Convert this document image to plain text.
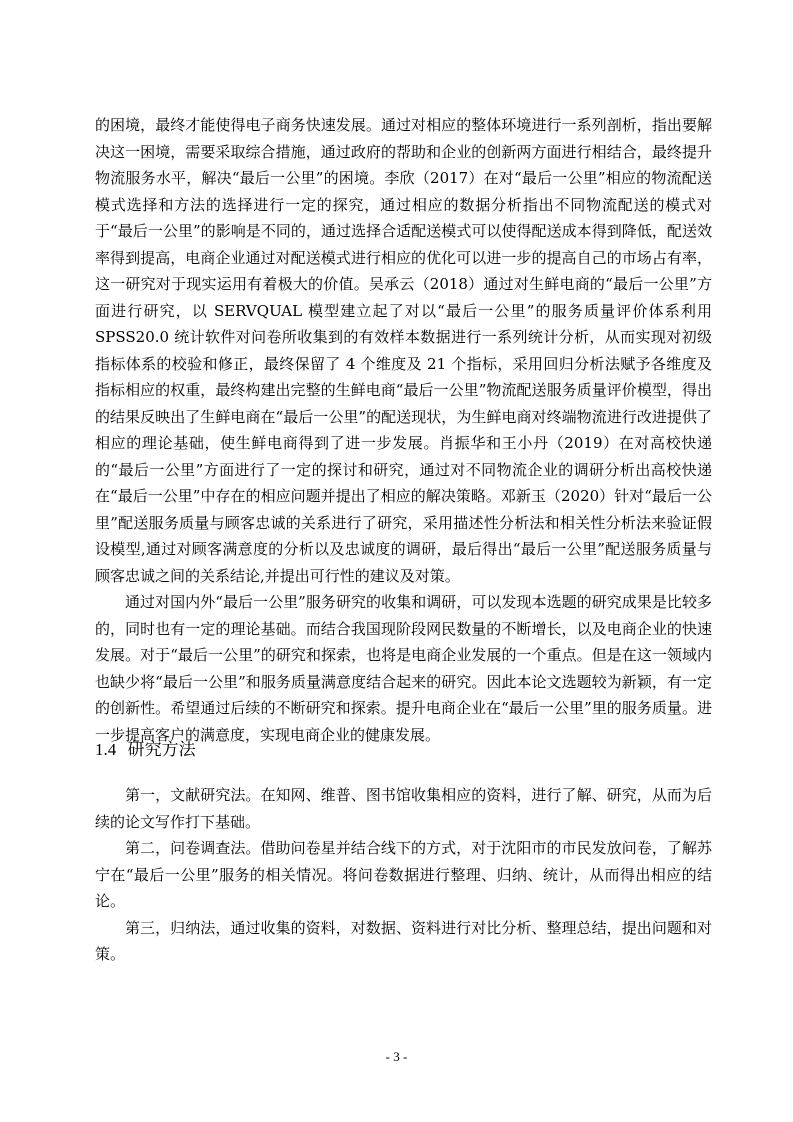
的困境，最终才能使得电子商务快速发展。通过对相应的整体环境进行一系列剖析，指出要解决这一困境，需要采取综合措施，通过政府的帮助和企业的创新两方面进行相结合，最终提升物流服务水平，解决“最后一公里”的困境。李欣（2017）在对“最后一公里”相应的物流配送模式选择和方法的选择进行一定的探究，通过相应的数据分析指出不同物流配送的模式对于“最后一公里”的影响是不同的，通过选择合适配送模式可以使得配送成本得到降低，配送效率得到提高，电商企业通过对配送模式进行相应的优化可以进一步的提高自己的市场占有率，这一研究对于现实运用有着极大的价值。吴承云（2018）通过对生鲜电商的“最后一公里”方面进行研究，以 SERVQUAL 模型建立起了对以“最后一公里”的服务质量评价体系利用 SPSS20.0 统计软件对问卷所收集到的有效样本数据进行一系列统计分析，从而实现对初级指标体系的校验和修正，最终保留了 4 个维度及 21 个指标，采用回归分析法赋予各维度及指标相应的权重，最终构建出完整的生鲜电商“最后一公里”物流配送服务质量评价模型，得出的结果反映出了生鲜电商在“最后一公里”的配送现状，为生鲜电商对终端物流进行改进提供了相应的理论基础，使生鲜电商得到了进一步发展。肖振华和王小丹（2019）在对高校快递的“最后一公里”方面进行了一定的探讨和研究，通过对不同物流企业的调研分析出高校快递在“最后一公里”中存在的相应问题并提出了相应的解决策略。邓新玉（2020）针对“最后一公里”配送服务质量与顾客忠诚的关系进行了研究，采用描述性分析法和相关性分析法来验证假设模型,通过对顾客满意度的分析以及忠诚度的调研，最后得出“最后一公里”配送服务质量与顾客忠诚之间的关系结论,并提出可行性的建议及对策。

通过对国内外“最后一公里”服务研究的收集和调研，可以发现本选题的研究成果是比较多的，同时也有一定的理论基础。而结合我国现阶段网民数量的不断增长，以及电商企业的快速发展。对于“最后一公里”的研究和探索，也将是电商企业发展的一个重点。但是在这一领域内也缺少将“最后一公里”和服务质量满意度结合起来的研究。因此本论文选题较为新颖，有一定的创新性。希望通过后续的不断研究和探索。提升电商企业在“最后一公里”里的服务质量。进一步提高客户的满意度，实现电商企业的健康发展。

1.4 研究方法

第一，文献研究法。在知网、维普、图书馆收集相应的资料，进行了解、研究，从而为后续的论文写作打下基础。

第二，问卷调查法。借助问卷星并结合线下的方式，对于沈阳市的市民发放问卷，了解苏宁在“最后一公里”服务的相关情况。将问卷数据进行整理、归纳、统计，从而得出相应的结论。

第三，归纳法，通过收集的资料，对数据、资料进行对比分析、整理总结，提出问题和对策。

- 3 -
